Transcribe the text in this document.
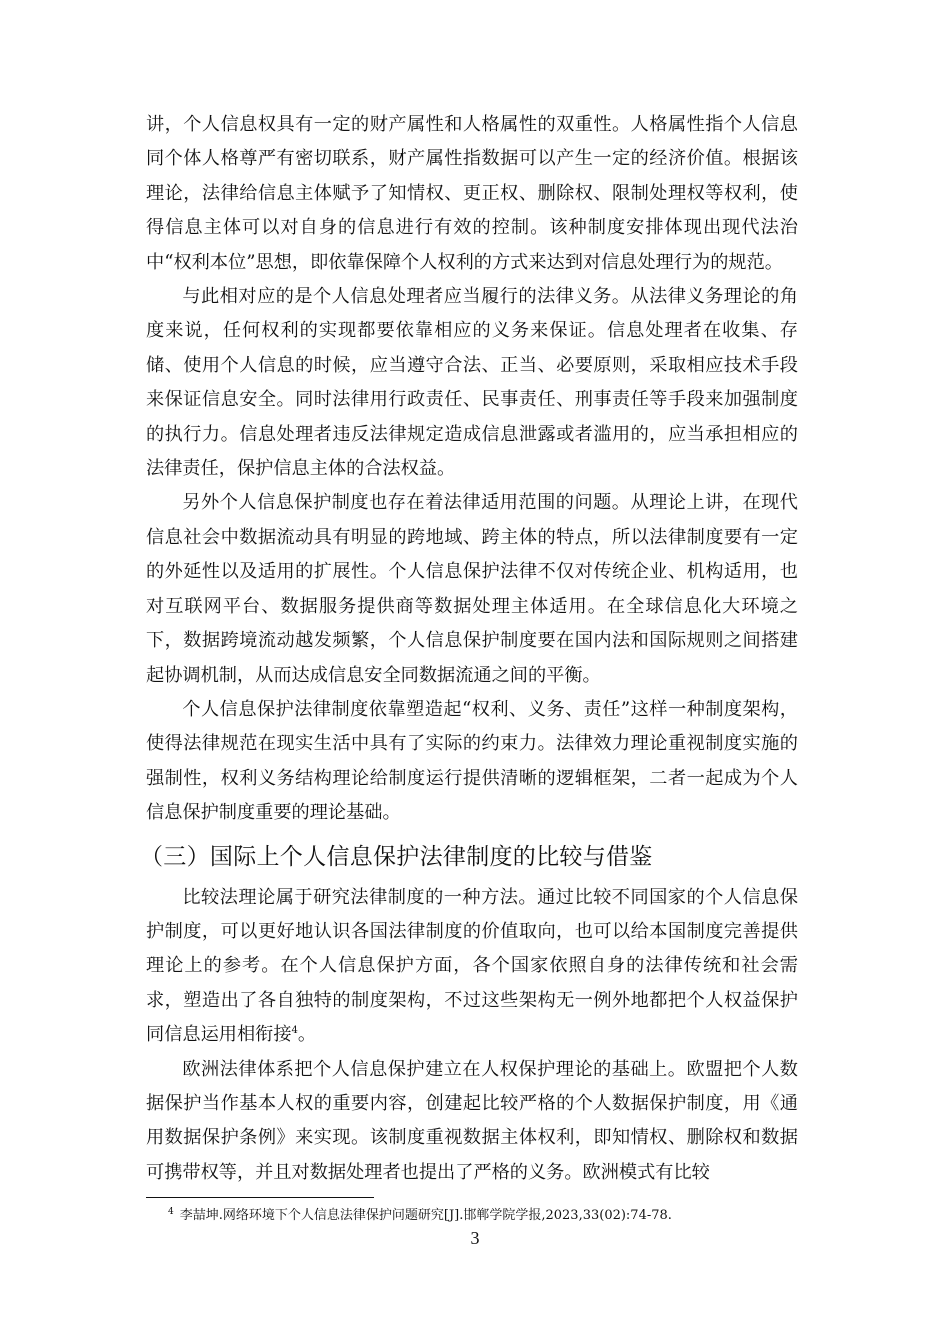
讲，个人信息权具有一定的财产属性和人格属性的双重性。人格属性指个人信息同个体人格尊严有密切联系，财产属性指数据可以产生一定的经济价值。根据该理论，法律给信息主体赋予了知情权、更正权、删除权、限制处理权等权利，使得信息主体可以对自身的信息进行有效的控制。该种制度安排体现出现代法治中“权利本位”思想，即依靠保障个人权利的方式来达到对信息处理行为的规范。

与此相对应的是个人信息处理者应当履行的法律义务。从法律义务理论的角度来说，任何权利的实现都要依靠相应的义务来保证。信息处理者在收集、存储、使用个人信息的时候，应当遵守合法、正当、必要原则，采取相应技术手段来保证信息安全。同时法律用行政责任、民事责任、刑事责任等手段来加强制度的执行力。信息处理者违反法律规定造成信息泄露或者滥用的，应当承担相应的法律责任，保护信息主体的合法权益。

另外个人信息保护制度也存在着法律适用范围的问题。从理论上讲，在现代信息社会中数据流动具有明显的跨地域、跨主体的特点，所以法律制度要有一定的外延性以及适用的扩展性。个人信息保护法律不仅对传统企业、机构适用，也对互联网平台、数据服务提供商等数据处理主体适用。在全球信息化大环境之下，数据跨境流动越发频繁，个人信息保护制度要在国内法和国际规则之间搭建起协调机制，从而达成信息安全同数据流通之间的平衡。

个人信息保护法律制度依靠塑造起“权利、义务、责任”这样一种制度架构，使得法律规范在现实生活中具有了实际的约束力。法律效力理论重视制度实施的强制性，权利义务结构理论给制度运行提供清晰的逻辑框架，二者一起成为个人信息保护制度重要的理论基础。

（三）国际上个人信息保护法律制度的比较与借鉴

比较法理论属于研究法律制度的一种方法。通过比较不同国家的个人信息保护制度，可以更好地认识各国法律制度的价值取向，也可以给本国制度完善提供理论上的参考。在个人信息保护方面，各个国家依照自身的法律传统和社会需求，塑造出了各自独特的制度架构，不过这些架构无一例外地都把个人权益保护同信息运用相衔接$^4$。

欧洲法律体系把个人信息保护建立在人权保护理论的基础上。欧盟把个人数据保护当作基本人权的重要内容，创建起比较严格的个人数据保护制度，用《通用数据保护条例》来实现。该制度重视数据主体权利，即知情权、删除权和数据可携带权等，并且对数据处理者也提出了严格的义务。欧洲模式有比较

$^4$ 李喆坤.网络环境下个人信息法律保护问题研究[J].邯郸学院学报,2023,33(02):74-78.
3
